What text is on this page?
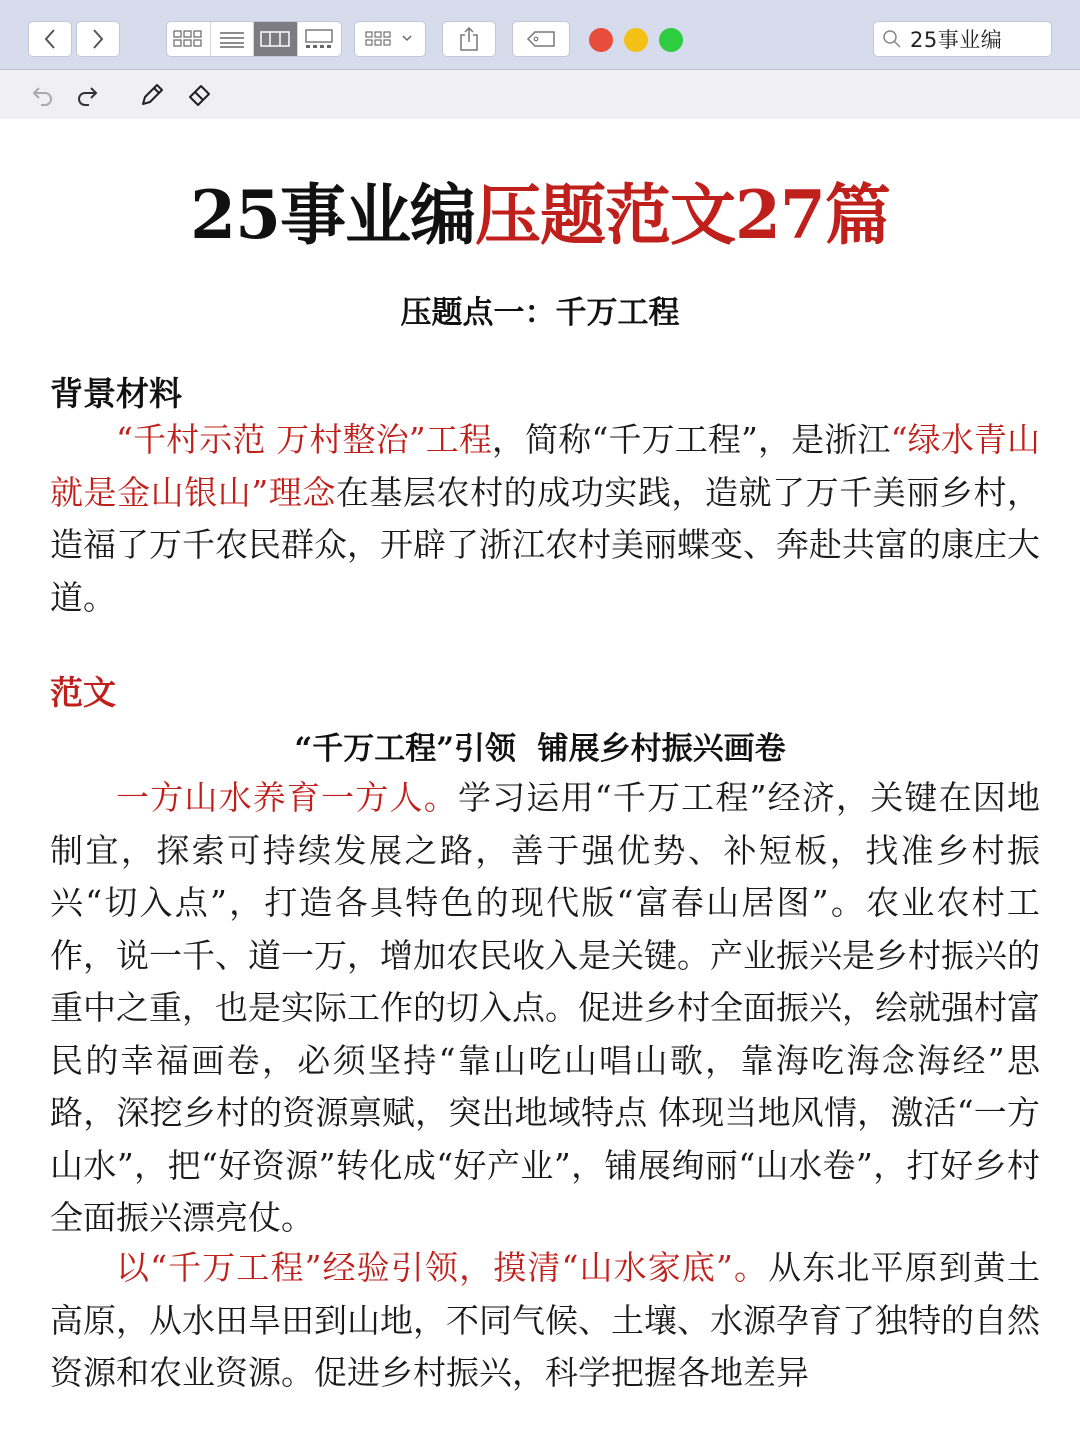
25事业编
25事业编压题范文27篇
压题点一：千万工程
背景材料

“千村示范 万村整治”工程，简称“千万工程”，是浙江“绿水青山就是金山银山”理念在基层农村的成功实践，造就了万千美丽乡村，造福了万千农民群众，开辟了浙江农村美丽蝶变、奔赴共富的康庄大道。

范文
“千万工程”引领  铺展乡村振兴画卷

一方山水养育一方人。学习运用“千万工程”经济，关键在因地制宜，探索可持续发展之路，善于强优势、补短板，找准乡村振兴“切入点”，打造各具特色的现代版“富春山居图”。农业农村工作，说一千、道一万，增加农民收入是关键。产业振兴是乡村振兴的重中之重，也是实际工作的切入点。促进乡村全面振兴，绘就强村富民的幸福画卷，必须坚持“靠山吃山唱山歌，靠海吃海念海经”思路，深挖乡村的资源禀赋，突出地域特点 体现当地风情，激活“一方山水”，把“好资源”转化成“好产业”，铺展绚丽“山水卷”，打好乡村全面振兴漂亮仗。

以“千万工程”经验引领，摸清“山水家底”。从东北平原到黄土高原，从水田旱田到山地，不同气候、土壤、水源孕育了独特的自然资源和农业资源。促进乡村振兴，科学把握各地差异
